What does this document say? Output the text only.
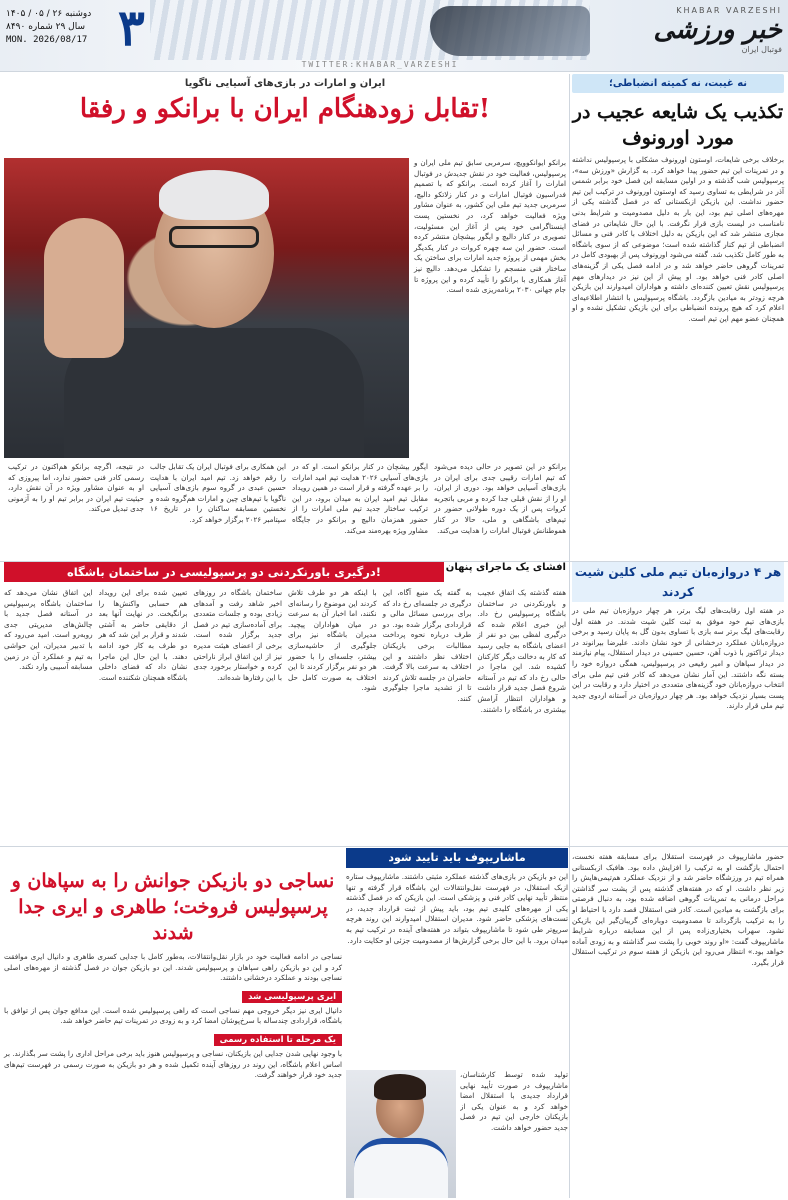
KHABAR VARZESHI
خبر ورزشی
فوتبال ایران
دوشنبه ۲۶ / ۰۵ / ۱۴۰۵
سال ۲۹ شماره ۸۴۹۰
MON. 2026/08/17 ۳
TWITTER:KHABAR_VARZESHI
نه غیبت، نه کمیته انضباطی؛
تکذیب یک شایعه عجیب در مورد اورونوف
برخلاف برخی شایعات، اوستون اورونوف مشکلی با پرسپولیس نداشته و در تمرینات این تیم حضور پیدا خواهد کرد. به گزارش «ورزش سه»، پرسپولیس شب گذشته و در اولین مسابقه این فصل خود برابر شمس آذر در شرایطی به تساوی رسید که اوستون اورونوف در ترکیب این تیم حضور نداشت. این بازیکن ازبکستانی که در فصل گذشته یکی از مهره‌های اصلی تیم بود، این بار به دلیل مصدومیت و شرایط بدنی نامناسب در لیست بازی قرار نگرفت. با این حال شایعاتی در فضای مجازی منتشر شد که این بازیکن به دلیل اختلاف با کادر فنی و مسائل انضباطی از تیم کنار گذاشته شده است؛ موضوعی که از سوی باشگاه به طور کامل تکذیب شد. گفته می‌شود اورونوف پس از بهبودی کامل در تمرینات گروهی حاضر خواهد شد و در ادامه فصل یکی از گزینه‌های اصلی کادر فنی خواهد بود. او پیش از این نیز در دیدارهای مهم پرسپولیس نقش تعیین کننده‌ای داشته و هواداران امیدوارند این بازیکن هرچه زودتر به میادین بازگردد. باشگاه پرسپولیس با انتشار اطلاعیه‌ای اعلام کرد که هیچ پرونده انضباطی برای این بازیکن تشکیل نشده و او همچنان عضو مهم این تیم است.
ایران و امارات در بازی‌های آسیایی ناگویا
تقابل زودهنگام ایران با برانکو و رفقا!
برانکو ایوانکوویچ، سرمربی سابق تیم ملی ایران و پرسپولیس، فعالیت خود در نقش جدیدش در فوتبال امارات را آغاز کرده است. برانکو که با تصمیم فدراسیون فوتبال امارات و در کنار زلاتکو دالیچ، سرمربی جدید تیم ملی این کشور، به عنوان مشاور ویژه فعالیت خواهد کرد، در نخستین پست اینستاگرامی خود پس از آغاز این مسئولیت، تصویری در کنار دالیچ و ایگور بیشچان منتشر کرده است. حضور این سه چهره کروات در کنار یکدیگر بخش مهمی از پروژه جدید امارات برای ساختن یک ساختار فنی منسجم را تشکیل می‌دهد. دالیچ نیز آغاز همکاری با برانکو را تأیید کرده و این پروژه تا جام جهانی ۲۰۳۰ برنامه‌ریزی شده است.
برانکو در این تصویر در حالی دیده می‌شود که تیم امارات رقیبی جدی برای ایران در بازی‌های آسیایی خواهد بود. دوری از ایران، او را از نقش قبلی جدا کرده و مربی باتجربه کروات پس از یک دوره طولانی حضور در تیم‌های باشگاهی و ملی، حالا در کنار هموطنانش فوتبال امارات را هدایت می‌کند.
ایگور بیشچان در کنار برانکو است. او که در بازی‌های آسیایی ۲۰۲۶ هدایت تیم امید امارات را بر عهده گرفته و قرار است در همین رویداد مقابل تیم امید ایران به میدان برود، در این ترکیب ساختار جدید تیم ملی امارات را از حضور همزمان دالیچ و برانکو در جایگاه مشاور ویژه بهره‌مند می‌کند.
این همکاری برای فوتبال ایران یک تقابل جالب را رقم خواهد زد. تیم امید ایران با هدایت حسین عبدی در گروه سوم بازی‌های آسیایی ناگویا با تیم‌های چین و امارات هم‌گروه شده و نخستین مسابقه ساکنان را در تاریخ ۱۶ سپتامبر ۲۰۲۶ برگزار خواهد کرد.
در نتیجه، اگرچه برانکو هم‌اکنون در ترکیب رسمی کادر فنی حضور ندارد، اما پیروزی که او به عنوان مشاور ویژه در آن نقش دارد، حیثیت تیم ایران در برابر تیم او را به آزمونی جدی تبدیل می‌کند.
افشای یک ماجرای پنهان
درگیری باورنکردنی دو پرسپولیسی در ساختمان باشگاه!
هفته گذشته یک اتفاق عجیب و باورنکردنی در ساختمان باشگاه پرسپولیس رخ داد. این خبری اعلام شده که درگیری لفظی بین دو نفر از اعضای باشگاه به جایی رسید که کار به دخالت دیگر کارکنان کشیده شد. این ماجرا در حالی رخ داد که تیم در آستانه شروع فصل جدید قرار داشت و هواداران انتظار آرامش بیشتری در باشگاه را داشتند.
به گفته یک منبع آگاه، این درگیری در جلسه‌ای رخ داد که برای بررسی مسائل مالی و قراردادی برگزار شده بود. دو طرف درباره نحوه پرداخت مطالبات برخی بازیکنان اختلاف نظر داشتند و این اختلاف به سرعت بالا گرفت. حاضران در جلسه تلاش کردند تا از تشدید ماجرا جلوگیری کنند.
با اینکه هر دو طرف تلاش کردند این موضوع را رسانه‌ای نکنند، اما اخبار آن به سرعت در میان هواداران پیچید. مدیران باشگاه نیز برای جلوگیری از حاشیه‌سازی بیشتر، جلسه‌ای را با حضور هر دو نفر برگزار کردند تا این اختلاف به صورت کامل حل شود.
ساختمان باشگاه در روزهای اخیر شاهد رفت و آمدهای زیادی بوده و جلسات متعددی برای آماده‌سازی تیم در فصل جدید برگزار شده است. برخی از اعضای هیئت مدیره نیز از این اتفاق ابراز ناراحتی کرده و خواستار برخورد جدی با این رفتارها شده‌اند.
تعیین شده برای این رویداد هم حسابی واکنش‌ها را برانگیخت. در نهایت آنها بعد از دقایقی حاضر به آشتی شدند و قرار بر این شد که هر دو طرف به کار خود ادامه دهند. با این حال این ماجرا نشان داد که فضای داخلی باشگاه همچنان شکننده است.
این اتفاق نشان می‌دهد که ساختمان باشگاه پرسپولیس در آستانه فصل جدید با چالش‌های مدیریتی جدی روبه‌رو است. امید می‌رود که با تدبیر مدیران، این حواشی به تیم و عملکرد آن در زمین مسابقه آسیبی وارد نکند.
هر ۴ دروازه‌بان تیم ملی کلین شیت کردند
در هفته اول رقابت‌های لیگ برتر، هر چهار دروازه‌بان تیم ملی در بازی‌های تیم خود موفق به ثبت کلین شیت شدند. در هفته اول رقابت‌های لیگ برتر سه بازی با تساوی بدون گل به پایان رسید و برخی دروازه‌بانان عملکرد درخشانی از خود نشان دادند. علیرضا بیرانوند در دیدار تراکتور با ذوب آهن، حسین حسینی در دیدار استقلال، پیام نیازمند در دیدار سپاهان و امیر رفیعی در پرسپولیس، همگی دروازه خود را بسته نگه داشتند. این آمار نشان می‌دهد که کادر فنی تیم ملی برای انتخاب دروازه‌بانان خود گزینه‌های متعددی در اختیار دارد و رقابت در این پست بسیار نزدیک خواهد بود. هر چهار دروازه‌بان در آستانه اردوی جدید تیم ملی قرار دارند.
نساجی دو بازیکن جوانش را به سپاهان و پرسپولیس فروخت؛ طاهری و ایری جدا شدند
نساجی در ادامه فعالیت خود در بازار نقل‌وانتقالات، به‌طور کامل با جدایی کسری طاهری و دانیال ایری موافقت کرد و این دو بازیکن راهی سپاهان و پرسپولیس شدند. این دو بازیکن جوان در فصل گذشته از مهره‌های اصلی نساجی بودند و عملکرد درخشانی داشتند.
ایری پرسپولیسی شد
دانیال ایری نیز دیگر خروجی مهم نساجی است که راهی پرسپولیس شده است. این مدافع جوان پس از توافق با باشگاه، قراردادی چندساله با سرخ‌پوشان امضا کرد و به زودی در تمرینات تیم حاضر خواهد شد.
یک مرحله تا استفاده رسمی
با وجود نهایی شدن جدایی این بازیکنان، نساجی و پرسپولیس هنوز باید برخی مراحل اداری را پشت سر بگذارند. بر اساس اعلام باشگاه، این روند در روزهای آینده تکمیل شده و هر دو بازیکن به صورت رسمی در فهرست تیم‌های جدید خود قرار خواهند گرفت.
ماشاریپوف باید تایید شود
این دو بازیکن در بازی‌های گذشته عملکرد مثبتی داشتند. ماشاریپوف ستاره ازبک استقلال، در فهرست نقل‌وانتقالات این باشگاه قرار گرفته و تنها منتظر تأیید نهایی کادر فنی و پزشکی است. این بازیکن که در فصل گذشته یکی از مهره‌های کلیدی تیم بود، باید پیش از ثبت قرارداد جدید، در تست‌های پزشکی حاضر شود. مدیران استقلال امیدوارند این روند هرچه سریع‌تر طی شود تا ماشاریپوف بتواند در هفته‌های آینده در ترکیب تیم به میدان برود. با این حال برخی گزارش‌ها از مصدومیت جزئی او حکایت دارد.
تولید شده توسط کارشناسان، ماشاریپوف در صورت تأیید نهایی قرارداد جدیدی با استقلال امضا خواهد کرد و به عنوان یکی از بازیکنان خارجی این تیم در فصل جدید حضور خواهد داشت.
حضور ماشاریپوف در فهرست استقلال برای مسابقه هفته نخست، احتمال بازگشت او به ترکیب را افزایش داده بود. هافبک ازبکستانی همراه تیم در ورزشگاه حاضر شد و از نزدیک عملکرد هم‌تیمی‌هایش را زیر نظر داشت. او که در هفته‌های گذشته پس از پشت سر گذاشتن مراحل درمانی به تمرینات گروهی اضافه شده بود، به دنبال فرصتی برای بازگشت به میادین است. کادر فنی استقلال قصد دارد با احتیاط او را به ترکیب بازگرداند تا مصدومیت دوباره‌ای گریبان‌گیر این بازیکن نشود. سهراب بختیاری‌زاده پس از این مسابقه درباره شرایط ماشاریپوف گفت: «او روند خوبی را پشت سر گذاشته و به زودی آماده خواهد بود.» انتظار می‌رود این بازیکن از هفته سوم در ترکیب استقلال قرار بگیرد.
